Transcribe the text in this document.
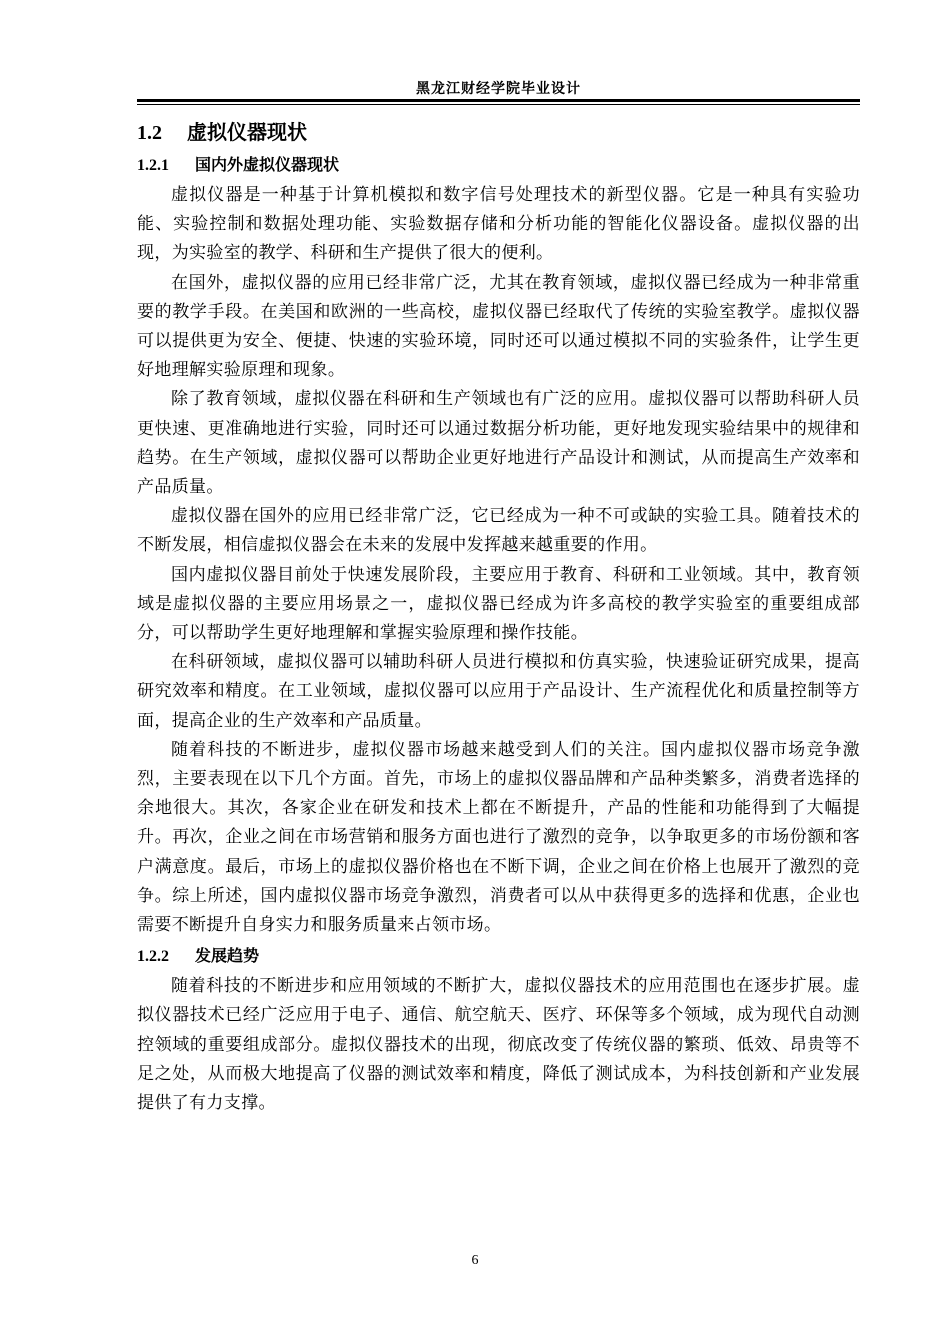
黑龙江财经学院毕业设计
1.2 虚拟仪器现状
1.2.1 国内外虚拟仪器现状

虚拟仪器是一种基于计算机模拟和数字信号处理技术的新型仪器。它是一种具有实验功能、实验控制和数据处理功能、实验数据存储和分析功能的智能化仪器设备。虚拟仪器的出现，为实验室的教学、科研和生产提供了很大的便利。

在国外，虚拟仪器的应用已经非常广泛，尤其在教育领域，虚拟仪器已经成为一种非常重要的教学手段。在美国和欧洲的一些高校，虚拟仪器已经取代了传统的实验室教学。虚拟仪器可以提供更为安全、便捷、快速的实验环境，同时还可以通过模拟不同的实验条件，让学生更好地理解实验原理和现象。

除了教育领域，虚拟仪器在科研和生产领域也有广泛的应用。虚拟仪器可以帮助科研人员更快速、更准确地进行实验，同时还可以通过数据分析功能，更好地发现实验结果中的规律和趋势。在生产领域，虚拟仪器可以帮助企业更好地进行产品设计和测试，从而提高生产效率和产品质量。

虚拟仪器在国外的应用已经非常广泛，它已经成为一种不可或缺的实验工具。随着技术的不断发展，相信虚拟仪器会在未来的发展中发挥越来越重要的作用。

国内虚拟仪器目前处于快速发展阶段，主要应用于教育、科研和工业领域。其中，教育领域是虚拟仪器的主要应用场景之一，虚拟仪器已经成为许多高校的教学实验室的重要组成部分，可以帮助学生更好地理解和掌握实验原理和操作技能。

在科研领域，虚拟仪器可以辅助科研人员进行模拟和仿真实验，快速验证研究成果，提高研究效率和精度。在工业领域，虚拟仪器可以应用于产品设计、生产流程优化和质量控制等方面，提高企业的生产效率和产品质量。

随着科技的不断进步，虚拟仪器市场越来越受到人们的关注。国内虚拟仪器市场竞争激烈，主要表现在以下几个方面。首先，市场上的虚拟仪器品牌和产品种类繁多，消费者选择的余地很大。其次，各家企业在研发和技术上都在不断提升，产品的性能和功能得到了大幅提升。再次，企业之间在市场营销和服务方面也进行了激烈的竞争，以争取更多的市场份额和客户满意度。最后，市场上的虚拟仪器价格也在不断下调，企业之间在价格上也展开了激烈的竞争。综上所述，国内虚拟仪器市场竞争激烈，消费者可以从中获得更多的选择和优惠，企业也需要不断提升自身实力和服务质量来占领市场。

1.2.2 发展趋势

随着科技的不断进步和应用领域的不断扩大，虚拟仪器技术的应用范围也在逐步扩展。虚拟仪器技术已经广泛应用于电子、通信、航空航天、医疗、环保等多个领域，成为现代自动测控领域的重要组成部分。虚拟仪器技术的出现，彻底改变了传统仪器的繁琐、低效、昂贵等不足之处，从而极大地提高了仪器的测试效率和精度，降低了测试成本，为科技创新和产业发展提供了有力支撑。

6
